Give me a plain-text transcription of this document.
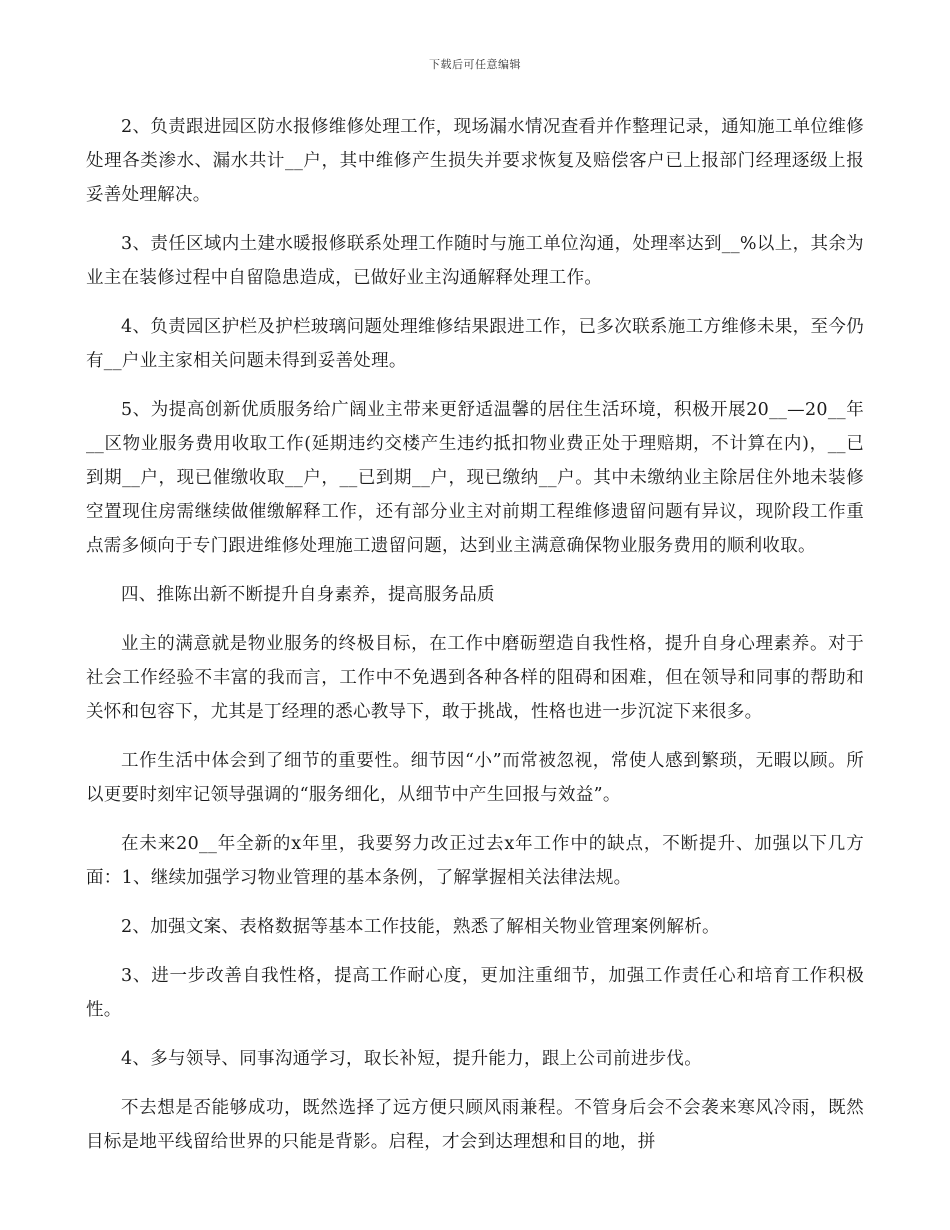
下载后可任意编辑

2、负责跟进园区防水报修维修处理工作，现场漏水情况查看并作整理记录，通知施工单位维修处理各类渗水、漏水共计__户，其中维修产生损失并要求恢复及赔偿客户已上报部门经理逐级上报妥善处理解决。

3、责任区域内土建水暖报修联系处理工作随时与施工单位沟通，处理率达到__%以上，其余为业主在装修过程中自留隐患造成，已做好业主沟通解释处理工作。

4、负责园区护栏及护栏玻璃问题处理维修结果跟进工作，已多次联系施工方维修未果，至今仍有__户业主家相关问题未得到妥善处理。

5、为提高创新优质服务给广阔业主带来更舒适温馨的居住生活环境，积极开展20__—20__年__区物业服务费用收取工作(延期违约交楼产生违约抵扣物业费正处于理赔期，不计算在内)，__已到期__户，现已催缴收取__户，__已到期__户，现已缴纳__户。其中未缴纳业主除居住外地未装修空置现住房需继续做催缴解释工作，还有部分业主对前期工程维修遗留问题有异议，现阶段工作重点需多倾向于专门跟进维修处理施工遗留问题，达到业主满意确保物业服务费用的顺利收取。

四、推陈出新不断提升自身素养，提高服务品质

业主的满意就是物业服务的终极目标，在工作中磨砺塑造自我性格，提升自身心理素养。对于社会工作经验不丰富的我而言，工作中不免遇到各种各样的阻碍和困难，但在领导和同事的帮助和关怀和包容下，尤其是丁经理的悉心教导下，敢于挑战，性格也进一步沉淀下来很多。

工作生活中体会到了细节的重要性。细节因“小”而常被忽视，常使人感到繁琐，无暇以顾。所以更要时刻牢记领导强调的“服务细化，从细节中产生回报与效益”。

在未来20__年全新的x年里，我要努力改正过去x年工作中的缺点，不断提升、加强以下几方面：1、继续加强学习物业管理的基本条例，了解掌握相关法律法规。

2、加强文案、表格数据等基本工作技能，熟悉了解相关物业管理案例解析。

3、进一步改善自我性格，提高工作耐心度，更加注重细节，加强工作责任心和培育工作积极性。

4、多与领导、同事沟通学习，取长补短，提升能力，跟上公司前进步伐。

不去想是否能够成功，既然选择了远方便只顾风雨兼程。不管身后会不会袭来寒风冷雨，既然目标是地平线留给世界的只能是背影。启程，才会到达理想和目的地，拼
